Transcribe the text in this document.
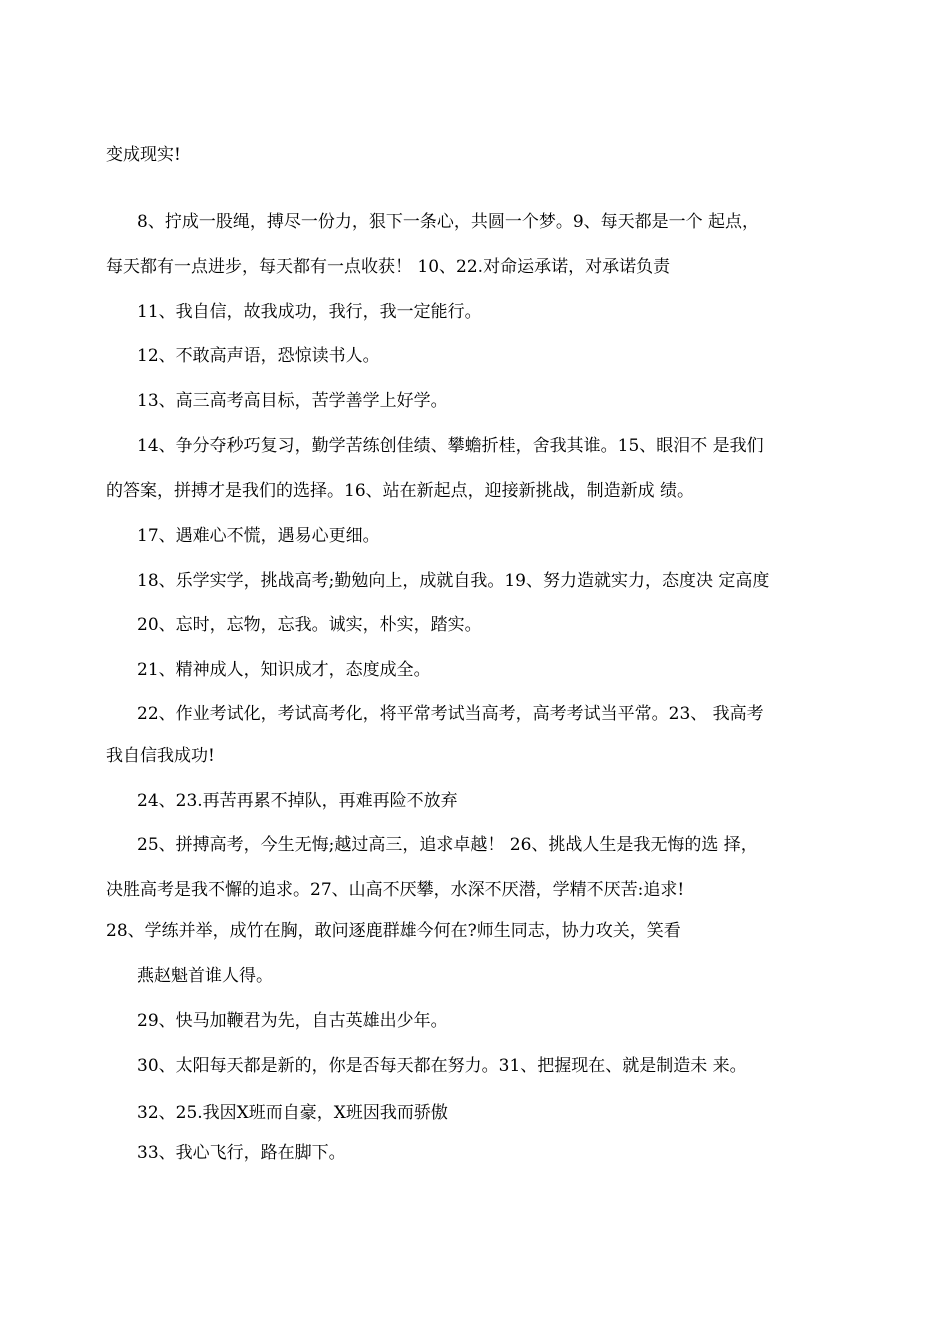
变成现实!
8、拧成一股绳，搏尽一份力，狠下一条心，共圆一个梦。9、每天都是一个 起点，
每天都有一点进步，每天都有一点收获！ 10、22.对命运承诺，对承诺负责
11、我自信，故我成功，我行，我一定能行。
12、不敢高声语，恐惊读书人。
13、高三高考高目标，苦学善学上好学。
14、争分夺秒巧复习，勤学苦练创佳绩、攀蟾折桂，舍我其谁。15、眼泪不 是我们
的答案，拼搏才是我们的选择。16、站在新起点，迎接新挑战，制造新成 绩。
17、遇难心不慌，遇易心更细。
18、乐学实学，挑战高考;勤勉向上，成就自我。19、努力造就实力，态度决 定高度
20、忘时，忘物，忘我。诚实，朴实，踏实。
21、精神成人，知识成才，态度成全。
22、作业考试化，考试高考化，将平常考试当高考，高考考试当平常。23、 我高考
我自信我成功!
24、23.再苦再累不掉队，再难再险不放弃
25、拼搏高考，今生无悔;越过高三，追求卓越！ 26、挑战人生是我无悔的选 择，
决胜高考是我不懈的追求。27、山高不厌攀，水深不厌潜，学精不厌苦:追求!
28、学练并举，成竹在胸，敢问逐鹿群雄今何在?师生同志，协力攻关，笑看
燕赵魁首谁人得。
29、快马加鞭君为先，自古英雄出少年。
30、太阳每天都是新的，你是否每天都在努力。31、把握现在、就是制造未 来。
32、25.我因X班而自豪，X班因我而骄傲
33、我心飞行，路在脚下。
